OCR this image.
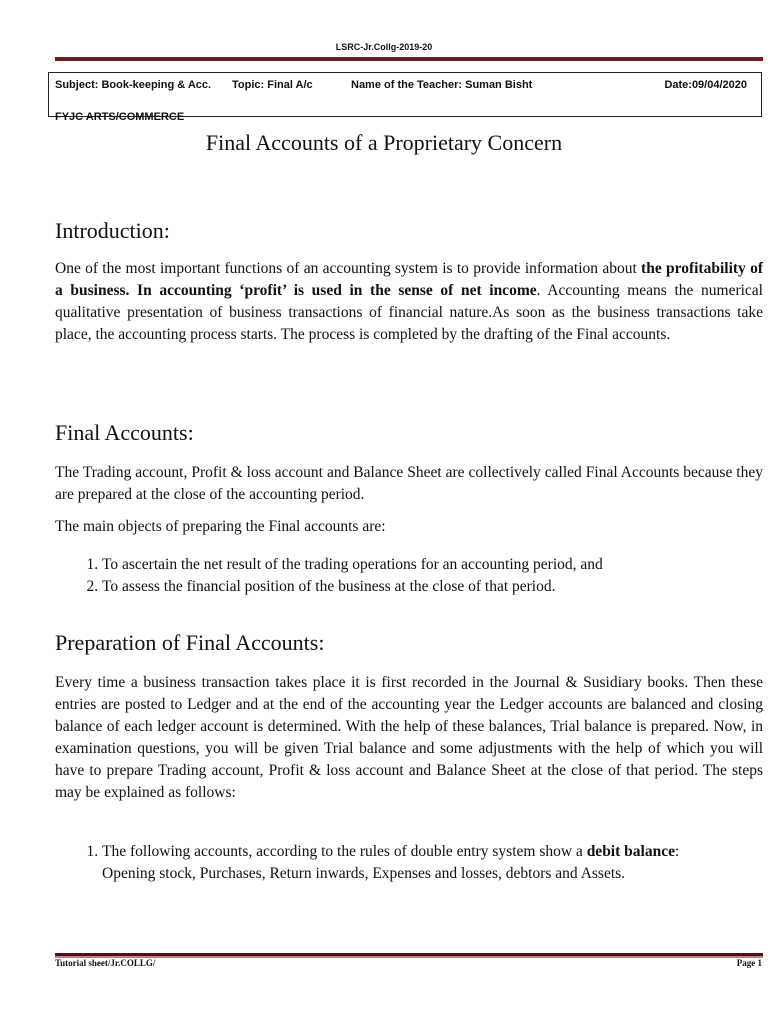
LSRC-Jr.Collg-2019-20
Subject: Book-keeping & Acc. Topic: Final A/c	Name of the Teacher: Suman Bisht	Date:09/04/2020
FYJC ARTS/COMMERCE
Final Accounts of a Proprietary Concern
Introduction:

One of the most important functions of an accounting system is to provide information about the profitability of a business. In accounting ‘profit’ is used in the sense of net income. Accounting means the numerical qualitative presentation of business transactions of financial nature.As soon as the business transactions take place, the accounting process starts. The process is completed by the drafting of the Final accounts.

Final Accounts:

The Trading account, Profit & loss account and Balance Sheet are collectively called Final Accounts because they are prepared at the close of the accounting period.

The main objects of preparing the Final accounts are:

1. To ascertain the net result of the trading operations for an accounting period, and
2. To assess the financial position of the business at the close of that period.
Preparation of Final Accounts:

Every time a business transaction takes place it is first recorded in the Journal & Susidiary books. Then these entries are posted to Ledger and at the end of the accounting year the Ledger accounts are balanced and closing balance of each ledger account is determined. With the help of these balances, Trial balance is prepared. Now, in examination questions, you will be given Trial balance and some adjustments with the help of which you will have to prepare Trading account, Profit & loss account and Balance Sheet at the close of that period. The steps may be explained as follows:

1. The following accounts, according to the rules of double entry system show a debit balance:
Opening stock, Purchases, Return inwards, Expenses and losses, debtors and Assets.
Tutorial sheet/Jr.COLLG/	Page 1
